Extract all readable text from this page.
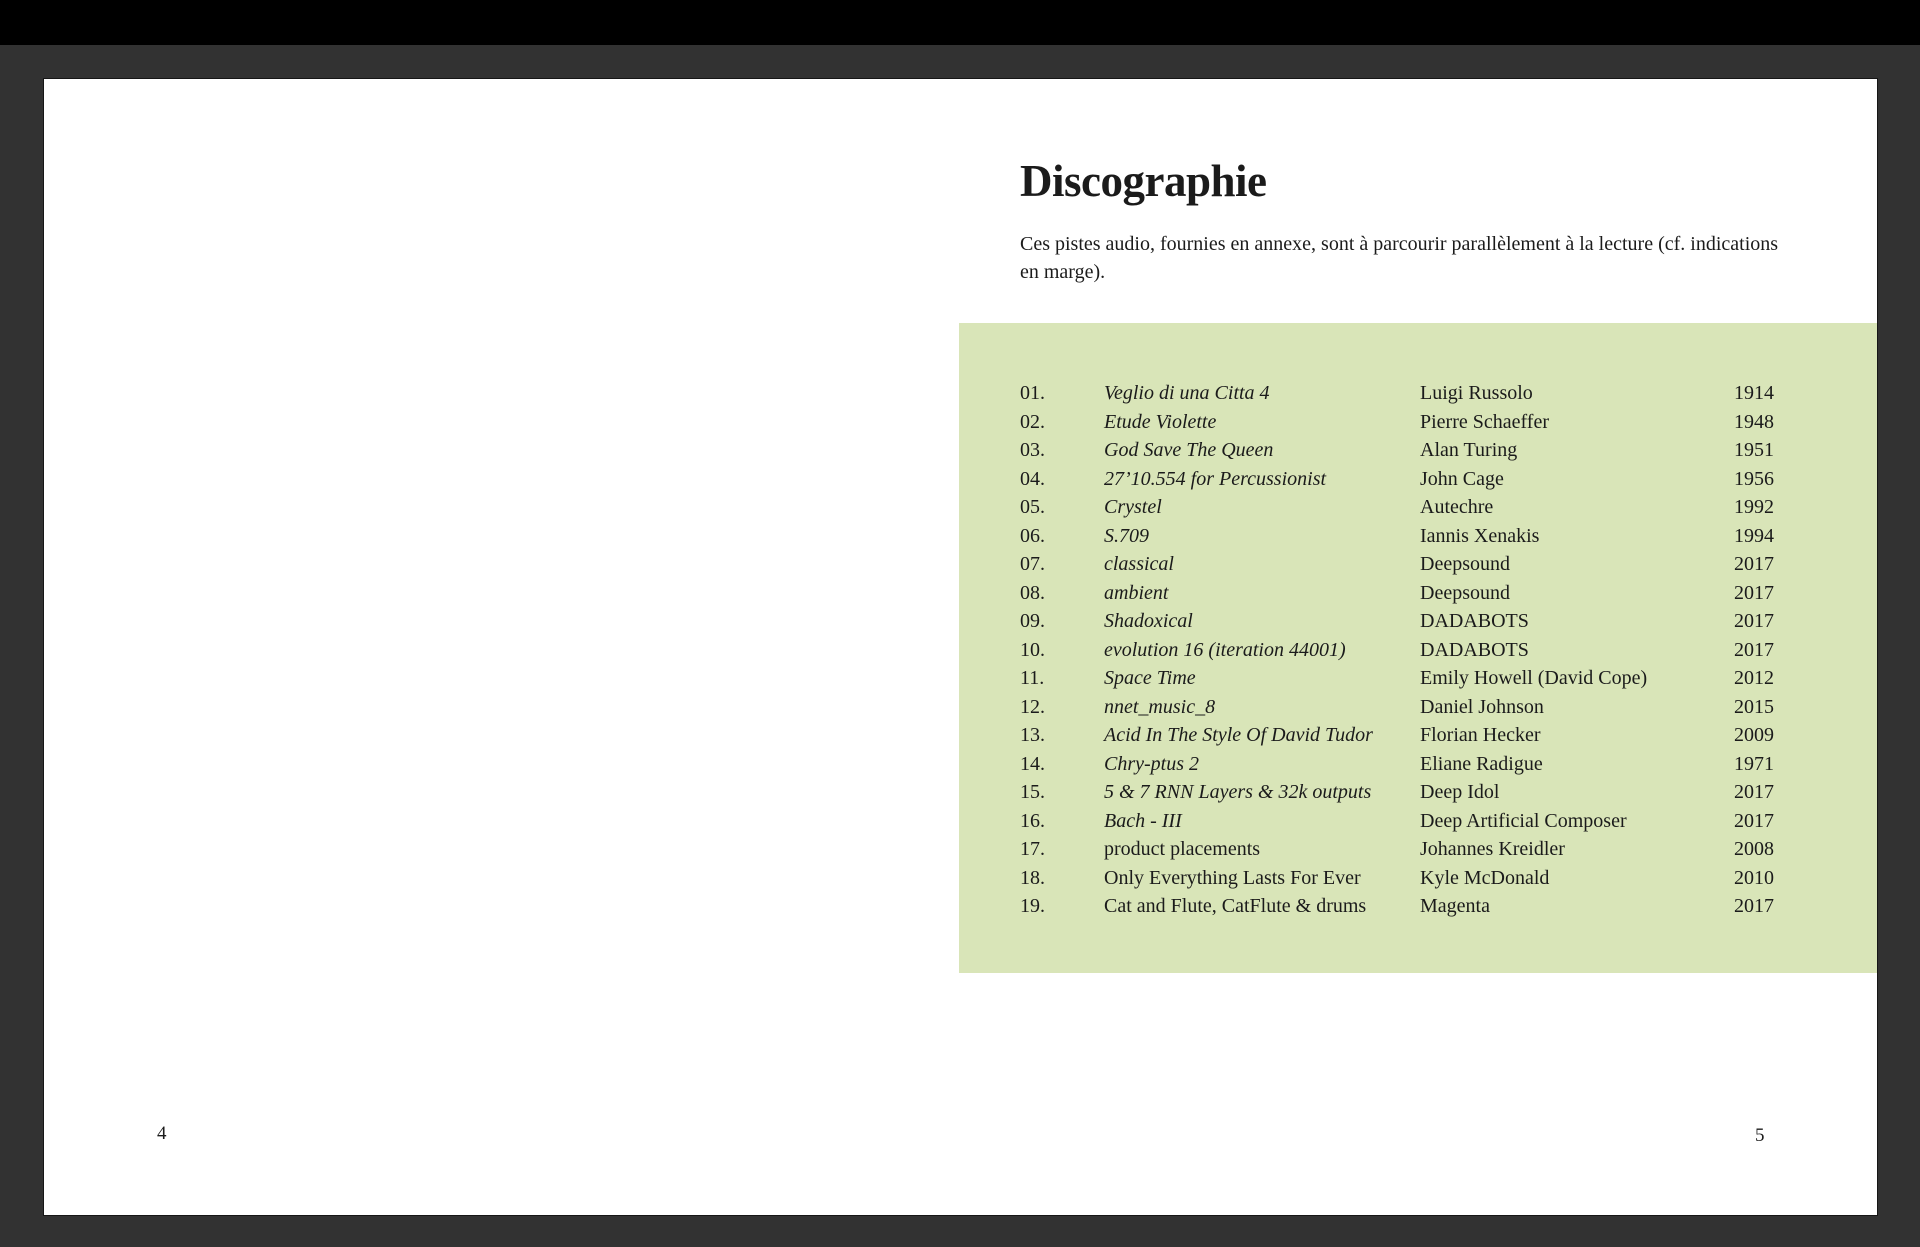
Discographie

Ces pistes audio, fournies en annexe, sont à parcourir parallèlement à la lecture (cf. indications en marge).

01.	Veglio di una Citta 4	Luigi Russolo	1914
02.	Etude Violette	Pierre Schaeffer	1948
03.	God Save The Queen	Alan Turing	1951
04.	27’10.554 for Percussionist	John Cage	1956
05.	Crystel	Autechre	1992
06.	S.709	Iannis Xenakis	1994
07.	classical	Deepsound	2017
08.	ambient	Deepsound	2017
09.	Shadoxical	DADABOTS	2017
10.	evolution 16 (iteration 44001)	DADABOTS	2017
11.	Space Time	Emily Howell (David Cope)	2012
12.	nnet_music_8	Daniel Johnson	2015
13.	Acid In The Style Of David Tudor	Florian Hecker	2009
14.	Chry-ptus 2	Eliane Radigue	1971
15.	5 & 7 RNN Layers & 32k outputs	Deep Idol	2017
16.	Bach - III	Deep Artificial Composer	2017
17.	product placements	Johannes Kreidler	2008
18.	Only Everything Lasts For Ever	Kyle McDonald	2010
19.	Cat and Flute, CatFlute & drums	Magenta	2017
4	5
